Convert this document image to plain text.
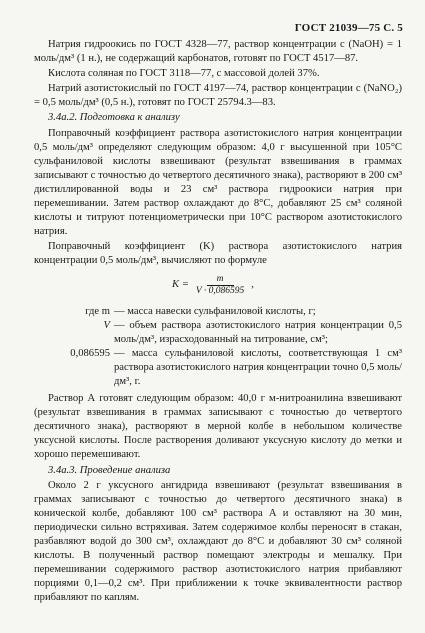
ГОСТ 21039—75 С. 5

Натрия гидроокись по ГОСТ 4328—77, раствор концентрации с (NaOH) = 1 моль/дм³ (1 н.), не содержащий карбонатов, готовят по ГОСТ 4517—87.

Кислота соляная по ГОСТ 3118—77, с массовой долей 37%.

Натрий азотистокислый по ГОСТ 4197—74, раствор концентрации с (NaNO₂) = 0,5 моль/дм³ (0,5 н.), готовят по ГОСТ 25794.3—83.

3.4а.2. Подготовка к анализу

Поправочный коэффициент раствора азотистокислого натрия концентрации 0,5 моль/дм³ определяют следующим образом: 4,0 г высушенной при 105°С сульфаниловой кислоты взвешивают (результат взвешивания в граммах записывают с точностью до четвертого десятичного знака), растворяют в 200 см³ дистиллированной воды и 23 см³ раствора гидроокиси натрия при перемешивании. Затем раствор охлаждают до 8°С, добавляют 25 см³ соляной кислоты и титруют потенциометрически при 10°С раствором азотистокислого натрия.

Поправочный коэффициент (K) раствора азотистокислого натрия концентрации 0,5 моль/дм³, вычисляют по формуле

$K = \frac{m}{V \cdot 0,086595}$ ,
где m — масса навески сульфаниловой кислоты, г;
V — объем раствора азотистокислого натрия концентрации 0,5 моль/дм³, израсходованный на титрование, см³;
0,086595 — масса сульфаниловой кислоты, соответствующая 1 см³ раствора азотистокислого натрия концентрации точно 0,5 моль/дм³, г.

Раствор А готовят следующим образом: 40,0 г м-нитроанилина взвешивают (результат взвешивания в граммах записывают с точностью до четвертого десятичного знака), растворяют в мерной колбе в небольшом количестве уксусной кислоты. После растворения доливают уксусную кислоту до метки и хорошо перемешивают.

3.4а.3. Проведение анализа

Около 2 г уксусного ангидрида взвешивают (результат взвешивания в граммах записывают с точностью до четвертого десятичного знака) в конической колбе, добавляют 100 см³ раствора А и оставляют на 30 мин, периодически сильно встряхивая. Затем содержимое колбы переносят в стакан, разбавляют водой до 300 см³, охлаждают до 8°С и добавляют 30 см³ соляной кислоты. В полученный раствор помещают электроды и мешалку. При перемешивании содержимого раствор азотистокислого натрия прибавляют порциями 0,1—0,2 см³. При приближении к точке эквивалентности раствор прибавляют по каплям.
